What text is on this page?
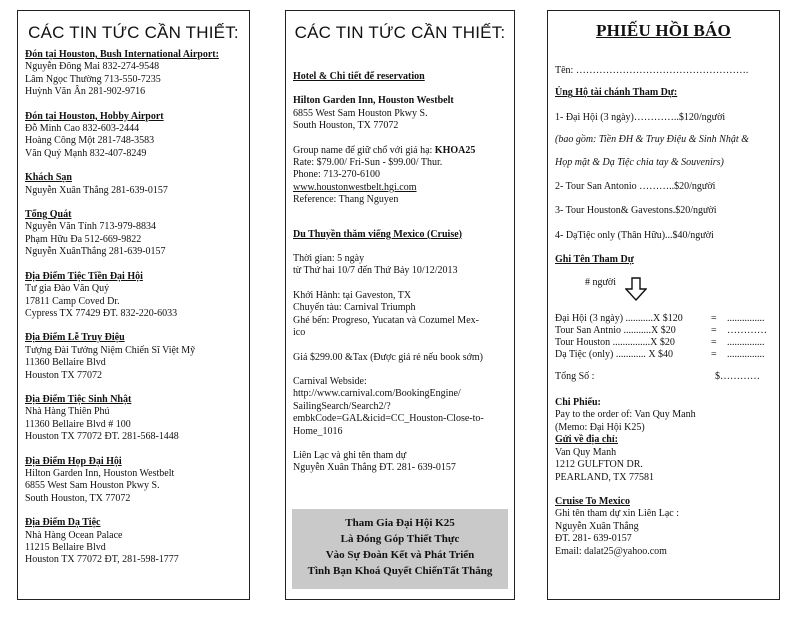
CÁC TIN TỨC CẦN THIẾT:
Đón tại Houston, Bush International Airport:
Nguyễn Đông Mai 832-274-9548
Lâm Ngọc Thường 713-550-7235
Huỳnh Văn Ân 281-902-9716
Đón tại Houston, Hobby Airport
Đỗ Minh Cao 832-603-2444
Hoàng Công Một 281-748-3583
Văn Quý Mạnh 832-407-8249
Khách Sạn
Nguyễn Xuân Thắng 281-639-0157
Tổng Quát
Nguyễn Văn Tính 713-979-8834
Phạm Hữu Đa 512-669-9822
Nguyễn XuânThắng 281-639-0157
Địa Điểm Tiệc Tiền Đại Hội
Tư gia Đào Văn Quý
17811 Camp Coved Dr.
Cypress TX 77429 ĐT. 832-220-6033
Địa Điểm Lễ Truy Điệu
Tượng Đài Tưởng Niệm Chiến Sĩ Việt Mỹ
11360 Bellaire Blvd
Houston TX 77072
Địa Điểm Tiệc Sinh Nhật
Nhà Hàng Thiên Phú
11360 Bellaire Blvd # 100
Houston TX 77072 ĐT. 281-568-1448
Địa Điểm Họp Đại Hội
Hilton Garden Inn, Houston Westbelt
6855 West Sam Houston Pkwy S.
South Houston, TX 77072
Địa Điểm Dạ Tiệc
Nhà Hàng Ocean Palace
11215 Bellaire Blvd
Houston TX 77072 ĐT, 281-598-1777
CÁC TIN TỨC CẦN THIẾT:
Hotel & Chi tiết để reservation
Hilton Garden Inn, Houston Westbelt
6855 West Sam Houston Pkwy S.
South Houston, TX 77072
Group name để giữ chổ với giá hạ: KHOA25
Rate: $79.00/ Fri-Sun - $99.00/ Thur.
Phone: 713-270-6100
www.houstonwestbelt.hgi.com
Reference: Thang Nguyen
Du Thuyền thăm viếng Mexico (Cruise)
Thời gian: 5 ngày
từ Thứ hai 10/7 đến Thứ Bảy 10/12/2013
Khởi Hành: tại Gaveston, TX
Chuyến tàu: Carnival Triumph
Ghé bến: Progreso, Yucatan và Cozumel Mex-
ico
Giá $299.00 &Tax (Được giá rẻ nếu book sớm)
Carnival Webside:
http://www.carnival.com/BookingEngine/
SailingSearch/Search2/?
embkCode=GAL&icid=CC_Houston-Close-to-
Home_1016
Liên Lạc và ghi tên tham dự
Nguyễn Xuân Thắng ĐT. 281- 639-0157
Tham Gia Đại Hội K25
Là Đóng Góp Thiết Thực
Vào Sự Đoàn Kết và Phát Triển
Tình Bạn Khoá Quyết ChiếnTất Thắng
PHIẾU HỒI BÁO
Tên: …………………………………………….
Ủng Hộ tài chánh Tham Dự:
1- Đại Hội (3 ngày)…………..$120/người
(bao gồm: Tiền ĐH & Truy Điệu & Sinh Nhật &
Họp mặt & Dạ Tiệc chia tay & Souvenirs)
2- Tour San Antonio ………..$20/người
3- Tour Houston& Gavestons.$20/người
4- DạTiệc only (Thân Hữu)...$40/người
Ghi Tên Tham Dự
# người
Đại Hội (3 ngày) ...........X $120	= ...............
Tour San Antnio ...........X $20	= …………
Tour Houston ...............X $20	= ...............
Dạ Tiệc (only) ............ X $40	= ...............
Tổng Số :	$…………
Chi Phiếu:
Pay to the order of: Van Quy Manh
(Memo: Đại Hội K25)
Gửi về địa chỉ:
Van Quy Manh
1212 GULFTON DR.
PEARLAND, TX 77581
Cruise To Mexico
Ghi tên tham dự xin Liên Lạc :
Nguyễn Xuân Thắng
ĐT. 281- 639-0157
Email: dalat25@yahoo.com
